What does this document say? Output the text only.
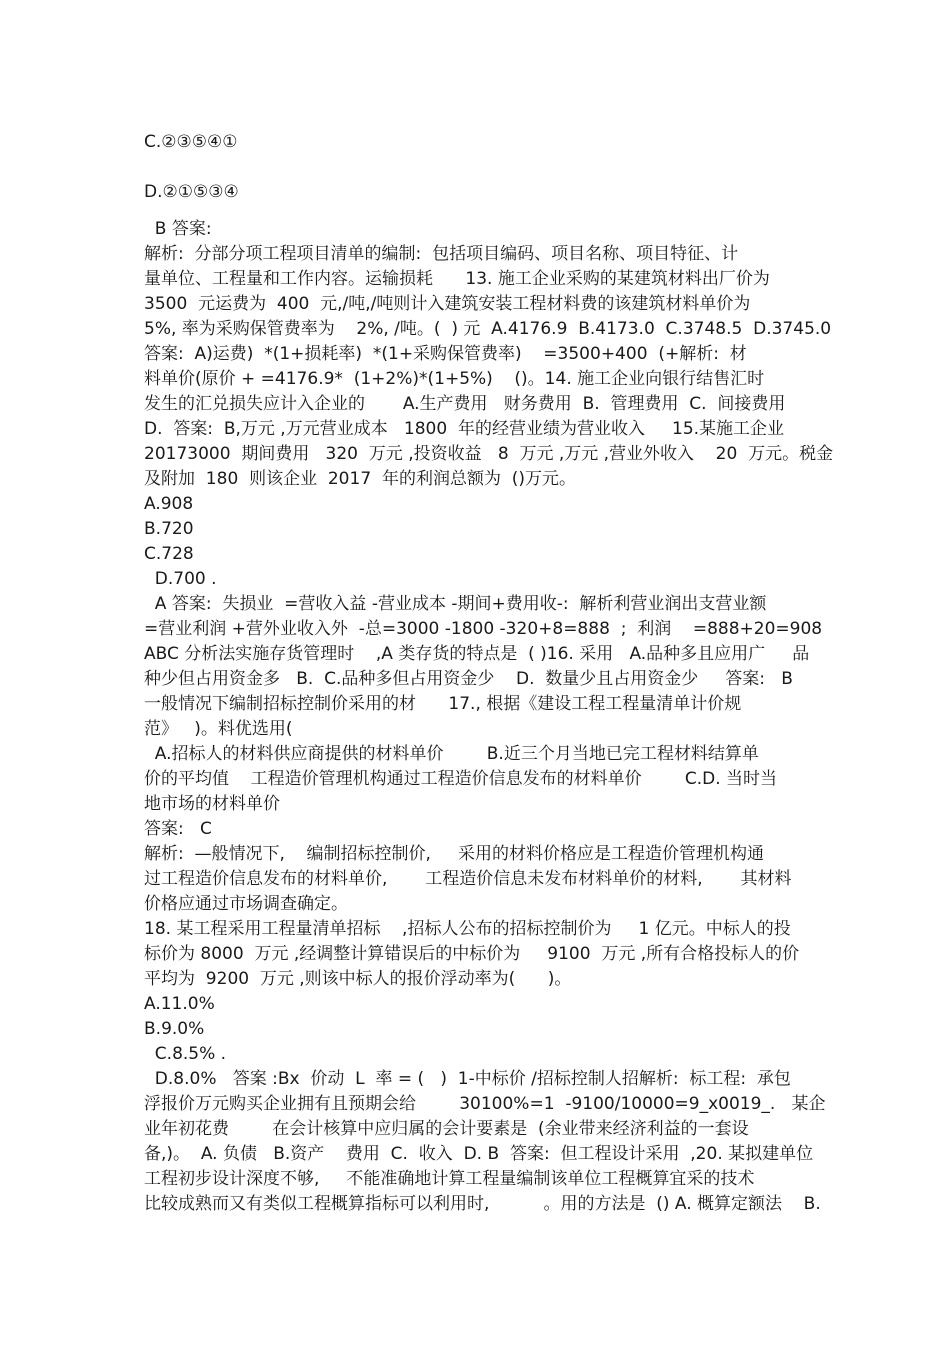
C.②③⑤④①
D.②①⑤③④
B 答案:
解析:  分部分项工程项目清单的编制:  包括项目编码、项目名称、项目特征、计
量单位、工程量和工作内容。运输损耗      13. 施工企业采购的某建筑材料出厂价为
3500  元运费为  400  元,/吨,/吨则计入建筑安装工程材料费的该建筑材料单价为
5%, 率为采购保管费率为    2%, /吨。(  ) 元  A.4176.9  B.4173.0  C.3748.5  D.3745.0
答案:  A)运费)  *(1+损耗率)  *(1+采购保管费率)    =3500+400  (+解析:  材
料单价(原价 + =4176.9*  (1+2%)*(1+5%)    ()。14. 施工企业向银行结售汇时
发生的汇兑损失应计入企业的       A.生产费用   财务费用  B.  管理费用  C.  间接费用
D.  答案:  B,万元 ,万元营业成本   1800  年的经营业绩为营业收入     15.某施工企业
20173000  期间费用   320  万元 ,投资收益   8  万元 ,万元 ,营业外收入    20  万元。税金
及附加  180  则该企业  2017  年的利润总额为  ()万元。
A.908
B.720
C.728
D.700 .
A 答案:  失损业  =营收入益 -营业成本 -期间+费用收-:  解析利营业润出支营业额
=营业利润 +营外业收入外  -总=3000 -1800 -320+8=888  ;  利润    =888+20=908
ABC 分析法实施存货管理时    ,A 类存货的特点是  ( )16. 采用   A.品种多且应用广     品
种少但占用资金多   B.  C.品种多但占用资金少    D.  数量少且占用资金少     答案:   B
一般情况下编制招标控制价采用的材      17., 根据《建设工程工程量清单计价规
范》   )。料优选用(
A.招标人的材料供应商提供的材料单价        B.近三个月当地已完工程材料结算单
价的平均值    工程造价管理机构通过工程造价信息发布的材料单价        C.D. 当时当
地市场的材料单价
答案:   C
解析:  —般情况下,    编制招标控制价,     采用的材料价格应是工程造价管理机构通
过工程造价信息发布的材料单价,       工程造价信息未发布材料单价的材料,       其材料
价格应通过市场调查确定。
18. 某工程采用工程量清单招标    ,招标人公布的招标控制价为     1 亿元。中标人的投
标价为 8000  万元 ,经调整计算错误后的中标价为     9100  万元 ,所有合格投标人的价
平均为  9200  万元 ,则该中标人的报价浮动率为(      )。
A.11.0%
B.9.0%
C.8.5% .
D.8.0%   答案 :Bx  价动  L  率 = (   )  1-中标价 /招标控制人招解析:  标工程:  承包
浮报价万元购买企业拥有且预期会给        30100%=1  -9100/10000=9_x0019_.   某企
业年初花费        在会计核算中应归属的会计要素是  (余业带来经济利益的一套设
备,)。  A. 负债   B.资产    费用  C.  收入  D. B  答案:  但工程设计采用  ,20. 某拟建单位
工程初步设计深度不够,     不能准确地计算工程量编制该单位工程概算宜采的技术
比较成熟而又有类似工程概算指标可以利用时,          。用的方法是  () A. 概算定额法    B.
